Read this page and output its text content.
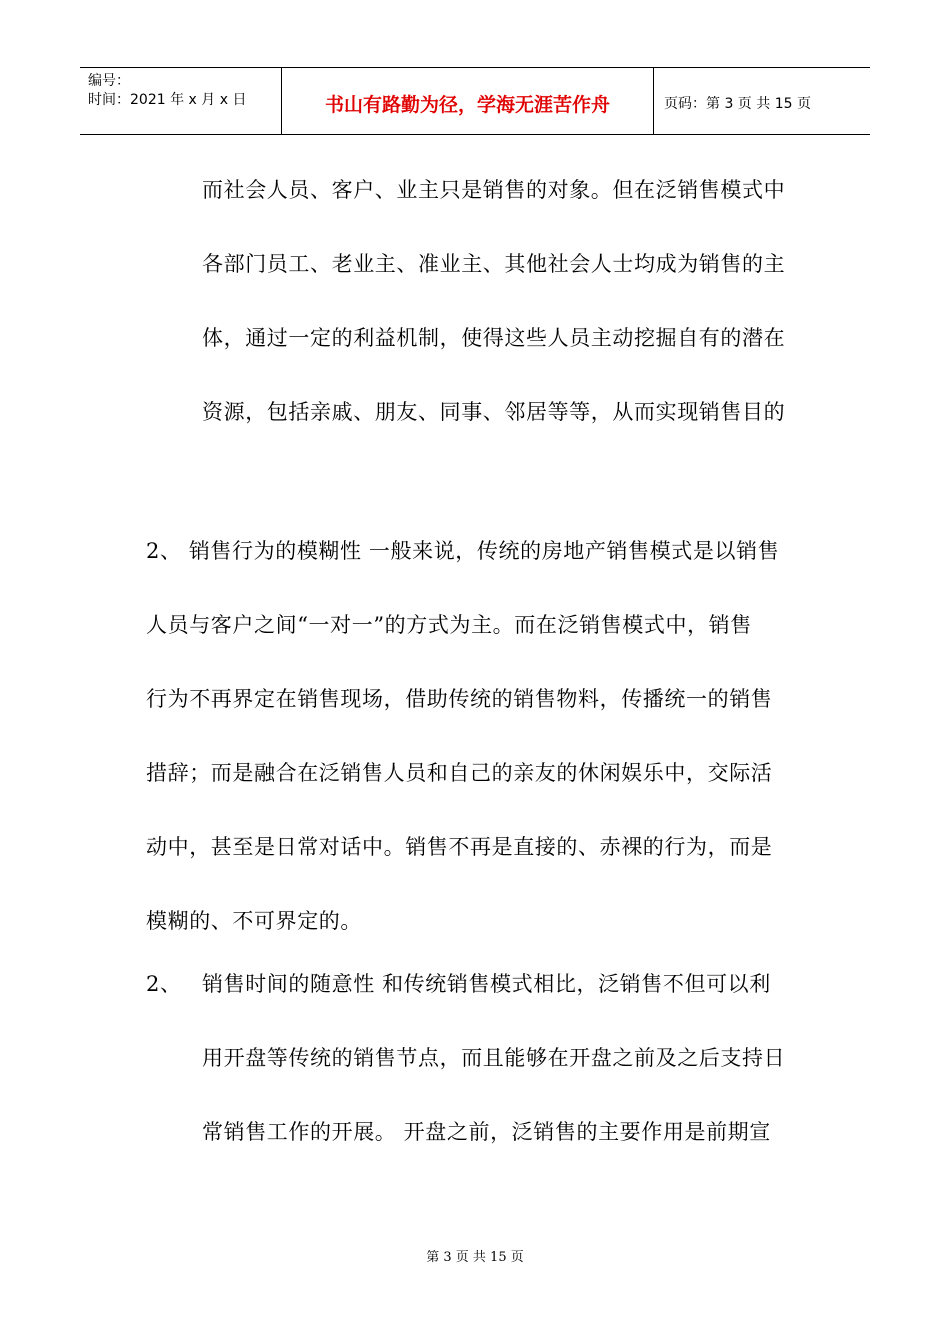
编号：
时间：2021 年 x 月 x 日	书山有路勤为径，学海无涯苦作舟	页码：第 3 页 共 15 页
而社会人员、客户、业主只是销售的对象。但在泛销售模式中
各部门员工、老业主、准业主、其他社会人士均成为销售的主
体，通过一定的利益机制，使得这些人员主动挖掘自有的潜在
资源，包括亲戚、朋友、同事、邻居等等，从而实现销售目的
2、 销售行为的模糊性 一般来说，传统的房地产销售模式是以销售
人员与客户之间“一对一”的方式为主。而在泛销售模式中，销售
行为不再界定在销售现场，借助传统的销售物料，传播统一的销售
措辞；而是融合在泛销售人员和自己的亲友的休闲娱乐中，交际活
动中，甚至是日常对话中。销售不再是直接的、赤裸的行为，而是
模糊的、不可界定的。
2、 销售时间的随意性 和传统销售模式相比，泛销售不但可以利
用开盘等传统的销售节点，而且能够在开盘之前及之后支持日
常销售工作的开展。 开盘之前，泛销售的主要作用是前期宣
第 3 页 共 15 页
